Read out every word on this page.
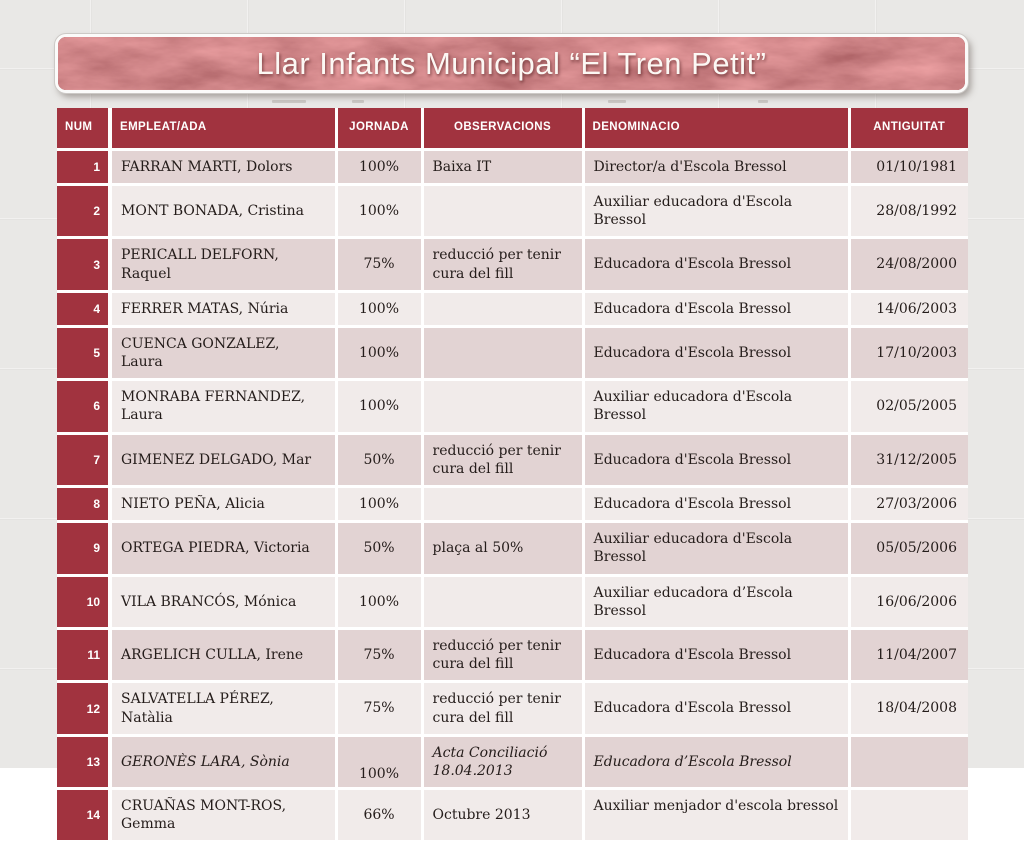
Llar Infants Municipal “El Tren Petit”
NUM	EMPLEAT/ADA	JORNADA	OBSERVACIONS	DENOMINACIO	ANTIGUITAT
1	FARRAN MARTI, Dolors	100%	Baixa IT	Director/a d'Escola Bressol	01/10/1981
2	MONT BONADA, Cristina	100%		Auxiliar educadora d'Escola Bressol	28/08/1992
3	PERICALL DELFORN, Raquel	75%	reducció per tenir cura del fill	Educadora d'Escola Bressol	24/08/2000
4	FERRER MATAS, Núria	100%		Educadora d'Escola Bressol	14/06/2003
5	CUENCA GONZALEZ, Laura	100%		Educadora d'Escola Bressol	17/10/2003
6	MONRABA FERNANDEZ, Laura	100%		Auxiliar educadora d'Escola Bressol	02/05/2005
7	GIMENEZ DELGADO, Mar	50%	reducció per tenir cura del fill	Educadora d'Escola Bressol	31/12/2005
8	NIETO PEÑA, Alicia	100%		Educadora d'Escola Bressol	27/03/2006
9	ORTEGA PIEDRA, Victoria	50%	plaça al 50%	Auxiliar educadora d'Escola Bressol	05/05/2006
10	VILA BRANCÓS, Mónica	100%		Auxiliar educadora d’Escola Bressol	16/06/2006
11	ARGELICH CULLA, Irene	75%	reducció per tenir cura del fill	Educadora d'Escola Bressol	11/04/2007
12	SALVATELLA PÉREZ, Natàlia	75%	reducció per tenir cura del fill	Educadora d'Escola Bressol	18/04/2008
13	GERONÈS LARA, Sònia	100%	Acta Conciliació 18.04.2013	Educadora d’Escola Bressol	
14	CRUAÑAS MONT-ROS, Gemma	66%	Octubre 2013	Auxiliar menjador d'escola bressol	
